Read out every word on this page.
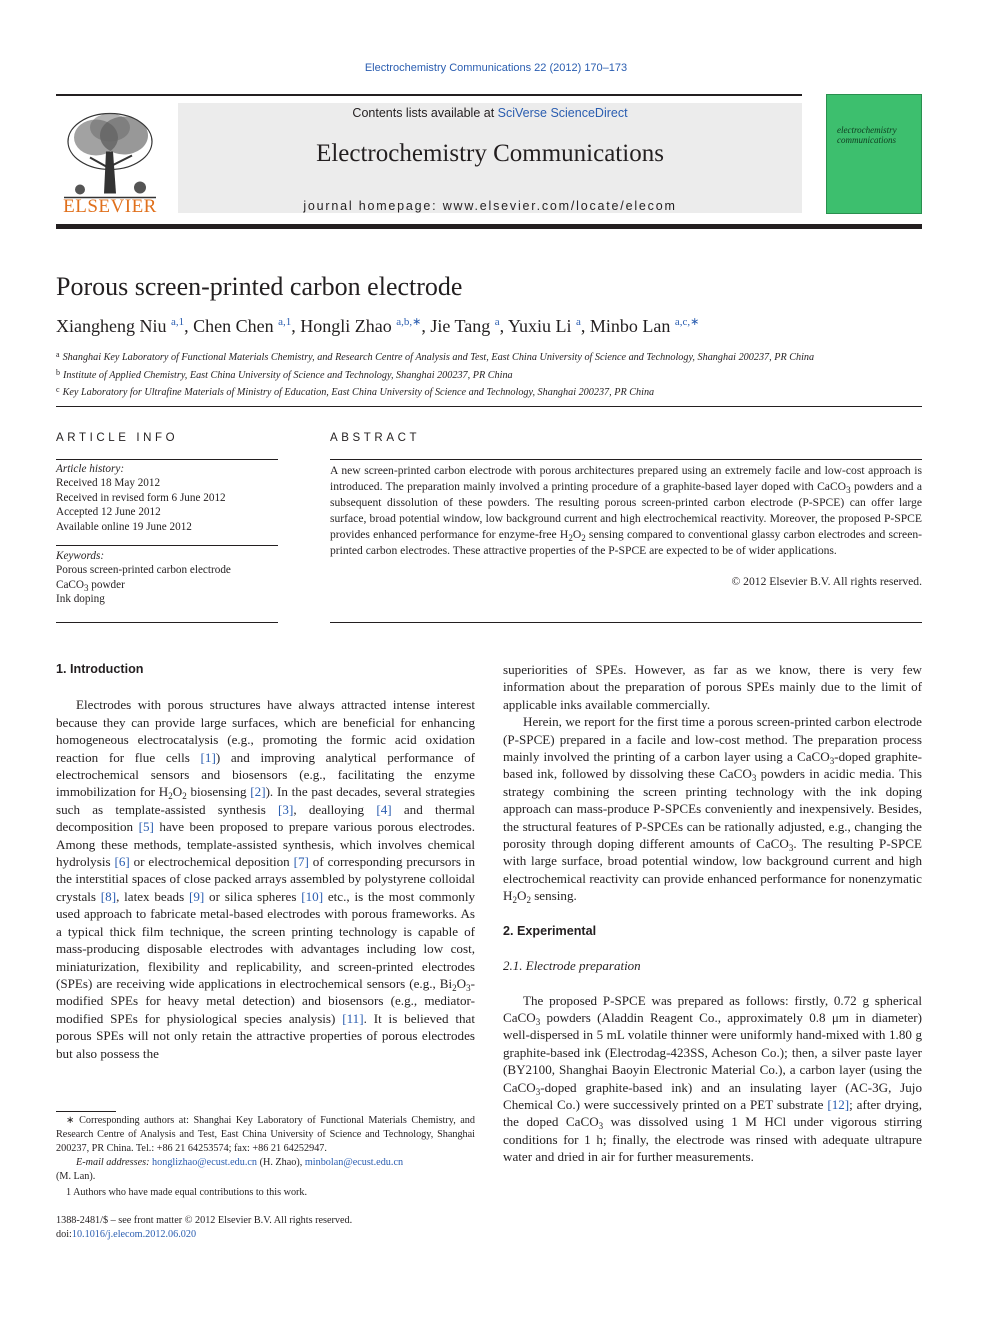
Electrochemistry Communications 22 (2012) 170–173
Contents lists available at SciVerse ScienceDirect
Electrochemistry Communications
journal homepage: www.elsevier.com/locate/elecom
ELSEVIER
electrochemistry communications
Porous screen-printed carbon electrode
Xiangheng Niu $^{a,1}$, Chen Chen $^{a,1}$, Hongli Zhao $^{a,b,∗}$, Jie Tang $^a$, Yuxiu Li $^a$, Minbo Lan $^{a,c,∗}$
$^a$ Shanghai Key Laboratory of Functional Materials Chemistry, and Research Centre of Analysis and Test, East China University of Science and Technology, Shanghai 200237, PR China
$^b$ Institute of Applied Chemistry, East China University of Science and Technology, Shanghai 200237, PR China
$^c$ Key Laboratory for Ultrafine Materials of Ministry of Education, East China University of Science and Technology, Shanghai 200237, PR China
ARTICLE INFO
Article history:
Received 18 May 2012
Received in revised form 6 June 2012
Accepted 12 June 2012
Available online 19 June 2012
Keywords:
Porous screen-printed carbon electrode
CaCO$_3$ powder
Ink doping
ABSTRACT

A new screen-printed carbon electrode with porous architectures prepared using an extremely facile and low-cost approach is introduced. The preparation mainly involved a printing procedure of a graphite-based layer doped with CaCO$_3$ powders and a subsequent dissolution of these powders. The resulting porous screen-printed carbon electrode (P-SPCE) can offer large surface, broad potential window, low background current and high electrochemical reactivity. Moreover, the proposed P-SPCE provides enhanced performance for enzyme-free $H_2O_2$ sensing compared to conventional glassy carbon electrodes and screen-printed carbon electrodes. These attractive properties of the P-SPCE are expected to be of wider applications.

© 2012 Elsevier B.V. All rights reserved.
1. Introduction

Electrodes with porous structures have always attracted intense interest because they can provide large surfaces, which are beneficial for enhancing homogeneous electrocatalysis (e.g., promoting the formic acid oxidation reaction for flue cells [1]) and improving analytical performance of electrochemical sensors and biosensors (e.g., facilitating the enzyme immobilization for $H_2O_2$ biosensing [2]). In the past decades, several strategies such as template-assisted synthesis [3], dealloying [4] and thermal decomposition [5] have been proposed to prepare various porous electrodes. Among these methods, template-assisted synthesis, which involves chemical hydrolysis [6] or electrochemical deposition [7] of corresponding precursors in the interstitial spaces of close packed arrays assembled by polystyrene colloidal crystals [8], latex beads [9] or silica spheres [10] etc., is the most commonly used approach to fabricate metal-based electrodes with porous frameworks. As a typical thick film technique, the screen printing technology is capable of mass-producing disposable electrodes with advantages including low cost, miniaturization, flexibility and replicability, and screen-printed electrodes (SPEs) are receiving wide applications in electrochemical sensors (e.g., $Bi_2O_3$-modified SPEs for heavy metal detection) and biosensors (e.g., mediator-modified SPEs for physiological species analysis) [11]. It is believed that porous SPEs will not only retain the attractive properties of porous electrodes but also possess the

∗ Corresponding authors at: Shanghai Key Laboratory of Functional Materials Chemistry, and Research Centre of Analysis and Test, East China University of Science and Technology, Shanghai 200237, PR China. Tel.: +86 21 64253574; fax: +86 21 64252947.
E-mail addresses: honglizhao@ecust.edu.cn (H. Zhao), minbolan@ecust.edu.cn
(M. Lan).
1 Authors who have made equal contributions to this work.
1388-2481/$ – see front matter © 2012 Elsevier B.V. All rights reserved.
doi:10.1016/j.elecom.2012.06.020

superiorities of SPEs. However, as far as we know, there is very few information about the preparation of porous SPEs mainly due to the limit of applicable inks available commercially.

Herein, we report for the first time a porous screen-printed carbon electrode (P-SPCE) prepared in a facile and low-cost method. The preparation process mainly involved the printing of a carbon layer using a CaCO$_3$-doped graphite-based ink, followed by dissolving these CaCO$_3$ powders in acidic media. This strategy combining the screen printing technology with the ink doping approach can mass-produce P-SPCEs conveniently and inexpensively. Besides, the structural features of P-SPCEs can be rationally adjusted, e.g., changing the porosity through doping different amounts of CaCO$_3$. The resulting P-SPCE with large surface, broad potential window, low background current and high electrochemical reactivity can provide enhanced performance for nonenzymatic $H_2O_2$ sensing.

2. Experimental
2.1. Electrode preparation

The proposed P-SPCE was prepared as follows: firstly, 0.72 g spherical CaCO$_3$ powders (Aladdin Reagent Co., approximately 0.8 μm in diameter) well-dispersed in 5 mL volatile thinner were uniformly hand-mixed with 1.80 g graphite-based ink (Electrodag-423SS, Acheson Co.); then, a silver paste layer (BY2100, Shanghai Baoyin Electronic Material Co.), a carbon layer (using the CaCO$_3$-doped graphite-based ink) and an insulating layer (AC-3G, Jujo Chemical Co.) were successively printed on a PET substrate [12]; after drying, the doped CaCO$_3$ was dissolved using 1 M HCl under vigorous stirring conditions for 1 h; finally, the electrode was rinsed with adequate ultrapure water and dried in air for further measurements.
